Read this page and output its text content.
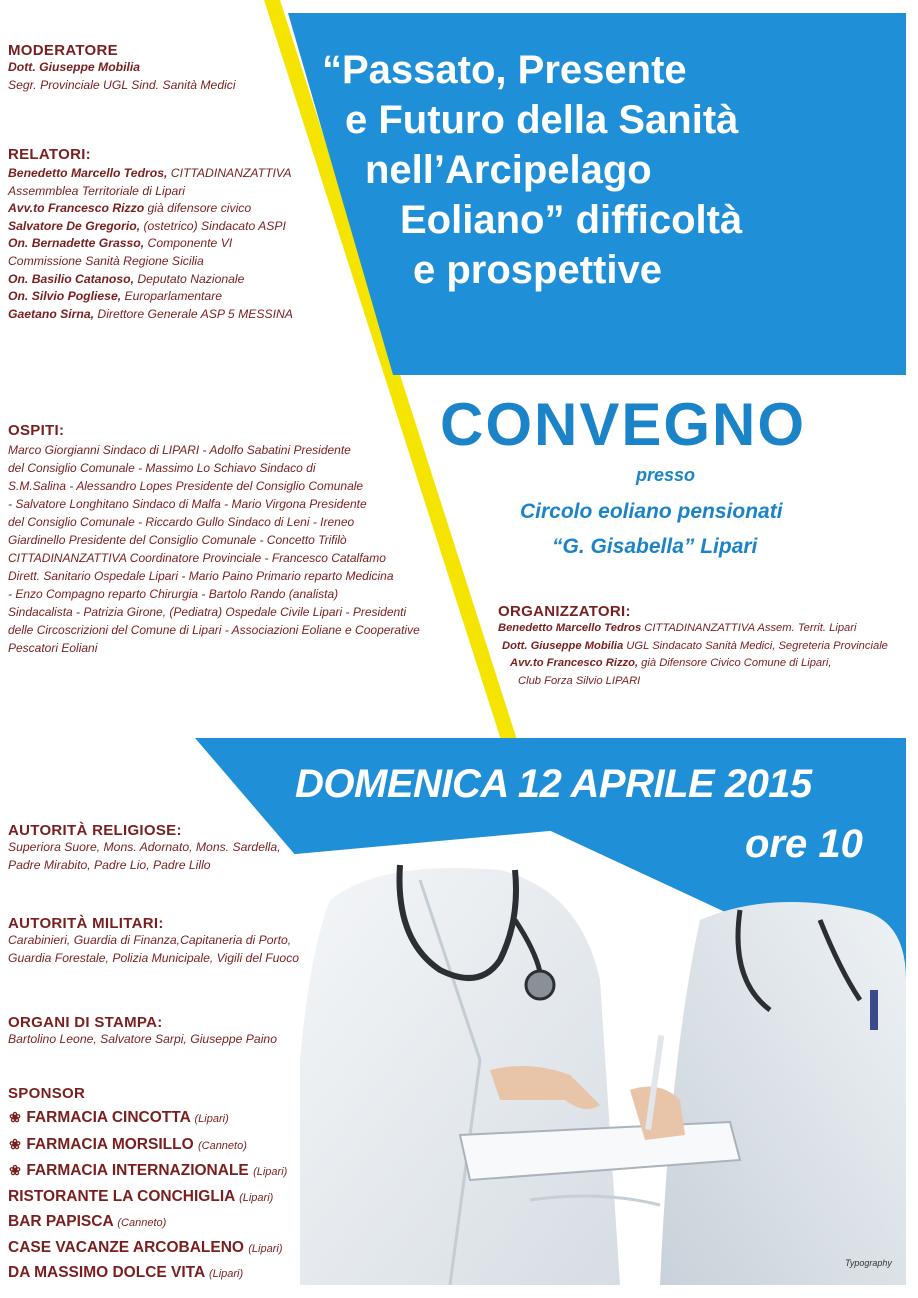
“Passato, Presente
e Futuro della Sanità
nell’Arcipelago
Eoliano” difficoltà
e prospettive
CONVEGNO
presso
Circolo eoliano pensionati
“G. Gisabella” Lipari
MODERATORE
Dott. Giuseppe Mobilia
Segr. Provinciale UGL Sind. Sanità Medici
RELATORI:
Benedetto Marcello Tedros, CITTADINANZATTIVA
Assemmblea Territoriale di Lipari
Avv.to Francesco Rizzo già difensore civico
Salvatore De Gregorio, (ostetrico) Sindacato ASPI
On. Bernadette Grasso, Componente VI
Commissione Sanità Regione Sicilia
On. Basilio Catanoso, Deputato Nazionale
On. Silvio Pogliese, Europarlamentare
Gaetano Sirna, Direttore Generale ASP 5 MESSINA
OSPITI:
Marco Giorgianni Sindaco di LIPARI - Adolfo Sabatini Presidente
del Consiglio Comunale - Massimo Lo Schiavo Sindaco di
S.M.Salina - Alessandro Lopes Presidente del Consiglio Comunale
- Salvatore Longhitano Sindaco di Malfa - Mario Virgona Presidente
del Consiglio Comunale - Riccardo Gullo Sindaco di Leni - Ireneo
Giardinello Presidente del Consiglio Comunale - Concetto Trifilò
CITTADINANZATTIVA Coordinatore Provinciale - Francesco Catalfamo
Dirett. Sanitario Ospedale Lipari - Mario Paino Primario reparto Medicina
- Enzo Compagno reparto Chirurgia - Bartolo Rando (analista)
Sindacalista - Patrizia Girone, (Pediatra) Ospedale Civile Lipari - Presidenti
delle Circoscrizioni del Comune di Lipari - Associazioni Eoliane e Cooperative
Pescatori Eoliani
ORGANIZZATORI:
Benedetto Marcello Tedros CITTADINANZATTIVA Assem. Territ. Lipari
Dott. Giuseppe Mobilia UGL Sindacato Sanità Medici, Segreteria Provinciale
Avv.to Francesco Rizzo, già Difensore Civico Comune di Lipari,
Club Forza Silvio LIPARI
DOMENICA 12 APRILE 2015
ore 10
AUTORITÀ RELIGIOSE:
Superiora Suore, Mons. Adornato, Mons. Sardella,
Padre Mirabito, Padre Lio, Padre Lillo
AUTORITÀ MILITARI:
Carabinieri, Guardia di Finanza,Capitaneria di Porto,
Guardia Forestale, Polizia Municipale, Vigili del Fuoco
ORGANI DI STAMPA:
Bartolino Leone, Salvatore Sarpi, Giuseppe Paino
SPONSOR
❀ FARMACIA CINCOTTA (Lipari)
❀ FARMACIA MORSILLO (Canneto)
❀ FARMACIA INTERNAZIONALE (Lipari)
RISTORANTE LA CONCHIGLIA (Lipari)
BAR PAPISCA (Canneto)
CASE VACANZE ARCOBALENO (Lipari)
DA MASSIMO DOLCE VITA (Lipari)
Typography
